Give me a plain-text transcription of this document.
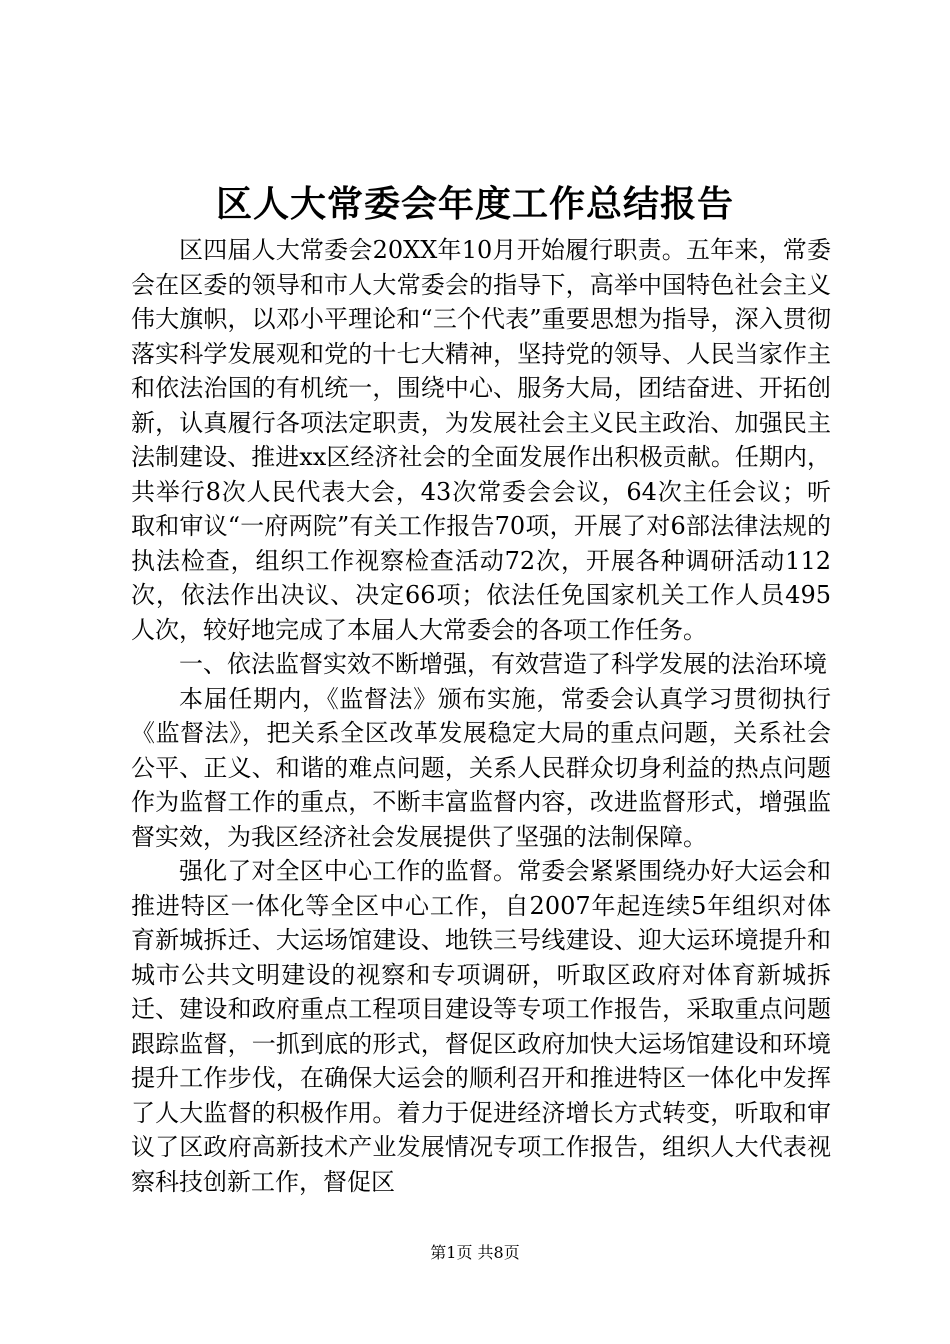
区人大常委会年度工作总结报告

区四届人大常委会20XX年10月开始履行职责。五年来，常委会在区委的领导和市人大常委会的指导下，高举中国特色社会主义伟大旗帜，以邓小平理论和“三个代表”重要思想为指导，深入贯彻落实科学发展观和党的十七大精神，坚持党的领导、人民当家作主和依法治国的有机统一，围绕中心、服务大局，团结奋进、开拓创新，认真履行各项法定职责，为发展社会主义民主政治、加强民主法制建设、推进xx区经济社会的全面发展作出积极贡献。任期内，共举行8次人民代表大会，43次常委会会议，64次主任会议；听取和审议“一府两院”有关工作报告70项，开展了对6部法律法规的执法检查，组织工作视察检查活动72次，开展各种调研活动112次，依法作出决议、决定66项；依法任免国家机关工作人员495人次，较好地完成了本届人大常委会的各项工作任务。

一、依法监督实效不断增强，有效营造了科学发展的法治环境

本届任期内，《监督法》颁布实施，常委会认真学习贯彻执行《监督法》，把关系全区改革发展稳定大局的重点问题，关系社会公平、正义、和谐的难点问题，关系人民群众切身利益的热点问题作为监督工作的重点，不断丰富监督内容，改进监督形式，增强监督实效，为我区经济社会发展提供了坚强的法制保障。

强化了对全区中心工作的监督。常委会紧紧围绕办好大运会和推进特区一体化等全区中心工作，自2007年起连续5年组织对体育新城拆迁、大运场馆建设、地铁三号线建设、迎大运环境提升和城市公共文明建设的视察和专项调研，听取区政府对体育新城拆迁、建设和政府重点工程项目建设等专项工作报告，采取重点问题跟踪监督，一抓到底的形式，督促区政府加快大运场馆建设和环境提升工作步伐，在确保大运会的顺利召开和推进特区一体化中发挥了人大监督的积极作用。着力于促进经济增长方式转变，听取和审议了区政府高新技术产业发展情况专项工作报告，组织人大代表视察科技创新工作，督促区

第1页 共8页
